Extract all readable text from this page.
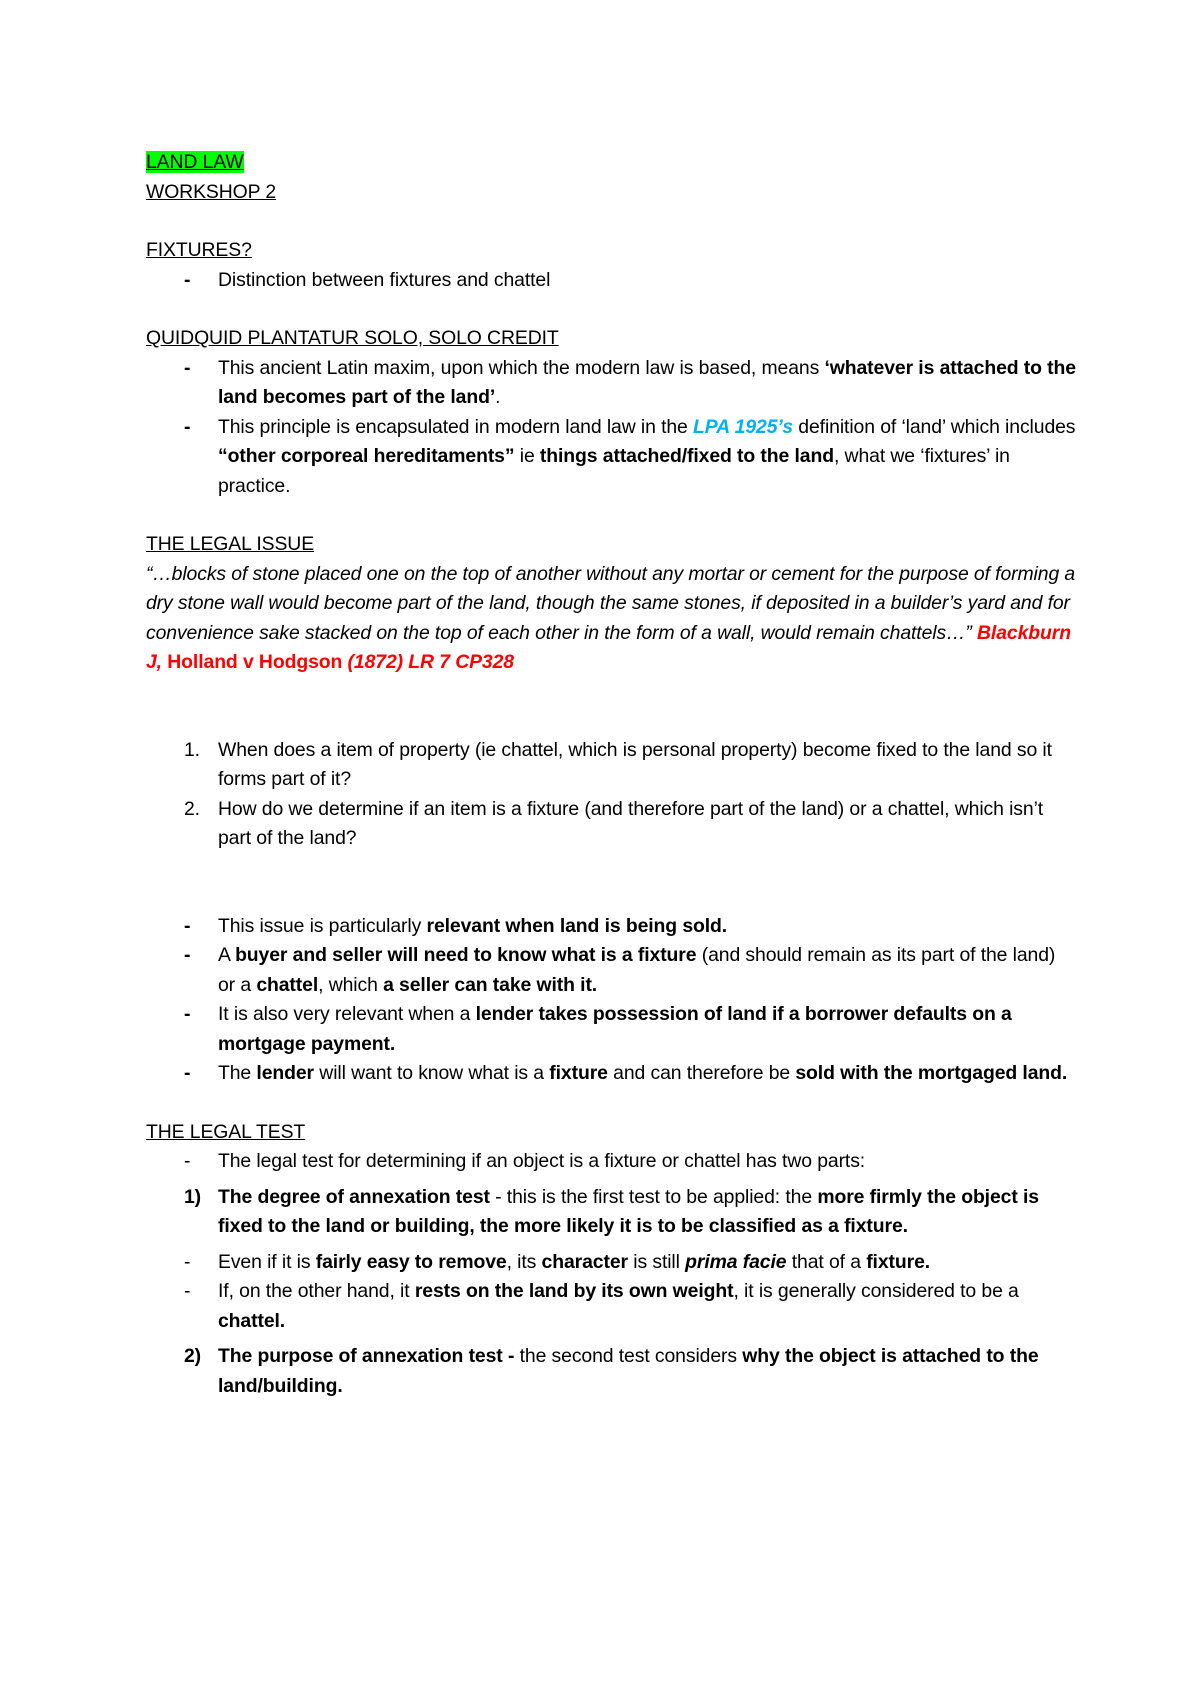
LAND LAW

WORKSHOP 2

FIXTURES?

-	Distinction between fixtures and chattel

QUIDQUID PLANTATUR SOLO, SOLO CREDIT

-	This ancient Latin maxim, upon which the modern law is based, means ‘whatever is attached to the land becomes part of the land’.
-	This principle is encapsulated in modern land law in the LPA 1925’s definition of ‘land’ which includes “other corporeal hereditaments” ie things attached/fixed to the land, what we ‘fixtures’ in practice.

THE LEGAL ISSUE

“…blocks of stone placed one on the top of another without any mortar or cement for the purpose of forming a dry stone wall would become part of the land, though the same stones, if deposited in a builder’s yard and for convenience sake stacked on the top of each other in the form of a wall, would remain chattels…” Blackburn J, Holland v Hodgson (1872) LR 7 CP328

1. When does a item of property (ie chattel, which is personal property) become fixed to the land so it forms part of it?
2. How do we determine if an item is a fixture (and therefore part of the land) or a chattel, which isn’t part of the land?
-	This issue is particularly relevant when land is being sold.
-	A buyer and seller will need to know what is a fixture (and should remain as its part of the land) or a chattel, which a seller can take with it.
-	It is also very relevant when a lender takes possession of land if a borrower defaults on a mortgage payment.
-	The lender will want to know what is a fixture and can therefore be sold with the mortgaged land.

THE LEGAL TEST

-	The legal test for determining if an object is a fixture or chattel has two parts:
1) The degree of annexation test - this is the first test to be applied: the more firmly the object is fixed to the land or building, the more likely it is to be classified as a fixture.
-	Even if it is fairly easy to remove, its character is still prima facie that of a fixture.
-	If, on the other hand, it rests on the land by its own weight, it is generally considered to be a chattel.
2) The purpose of annexation test - the second test considers why the object is attached to the land/building.
